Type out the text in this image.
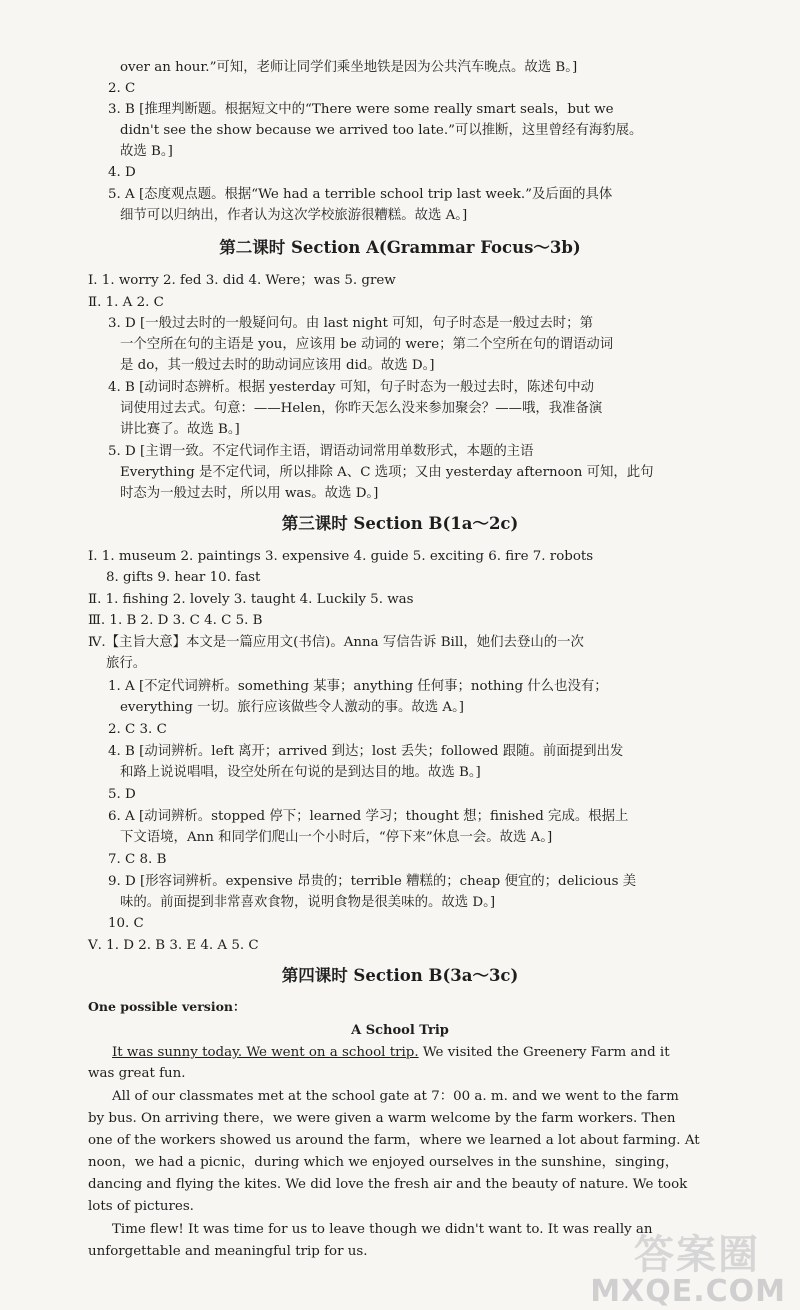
over an hour.”可知，老师让同学们乘坐地铁是因为公共汽车晚点。故选 B。]
2. C
3. B [推理判断题。根据短文中的“There were some really smart seals，but we
didn't see the show because we arrived too late.”可以推断，这里曾经有海豹展。
故选 B。]
4. D
5. A [态度观点题。根据“We had a terrible school trip last week.”及后面的具体
细节可以归纳出，作者认为这次学校旅游很糟糕。故选 A。]
第二课时 Section A(Grammar Focus～3b)
Ⅰ. 1. worry 2. fed 3. did 4. Were；was 5. grew
Ⅱ. 1. A 2. C
3. D [一般过去时的一般疑问句。由 last night 可知，句子时态是一般过去时；第
一个空所在句的主语是 you，应该用 be 动词的 were；第二个空所在句的谓语动词
是 do，其一般过去时的助动词应该用 did。故选 D。]
4. B [动词时态辨析。根据 yesterday 可知，句子时态为一般过去时，陈述句中动
词使用过去式。句意：——Helen，你昨天怎么没来参加聚会？——哦，我准备演
讲比赛了。故选 B。]
5. D [主谓一致。不定代词作主语，谓语动词常用单数形式，本题的主语
Everything 是不定代词，所以排除 A、C 选项；又由 yesterday afternoon 可知，此句
时态为一般过去时，所以用 was。故选 D。]
第三课时 Section B(1a～2c)
Ⅰ. 1. museum 2. paintings 3. expensive 4. guide 5. exciting 6. fire 7. robots
8. gifts 9. hear 10. fast
Ⅱ. 1. fishing 2. lovely 3. taught 4. Luckily 5. was
Ⅲ. 1. B 2. D 3. C 4. C 5. B
Ⅳ.【主旨大意】本文是一篇应用文(书信)。Anna 写信告诉 Bill，她们去登山的一次
旅行。
1. A [不定代词辨析。something 某事；anything 任何事；nothing 什么也没有；
everything 一切。旅行应该做些令人激动的事。故选 A。]
2. C 3. C
4. B [动词辨析。left 离开；arrived 到达；lost 丢失；followed 跟随。前面提到出发
和路上说说唱唱，设空处所在句说的是到达目的地。故选 B。]
5. D
6. A [动词辨析。stopped 停下；learned 学习；thought 想；finished 完成。根据上
下文语境，Ann 和同学们爬山一个小时后，“停下来”休息一会。故选 A。]
7. C 8. B
9. D [形容词辨析。expensive 昂贵的；terrible 糟糕的；cheap 便宜的；delicious 美
味的。前面提到非常喜欢食物，说明食物是很美味的。故选 D。]
10. C
Ⅴ. 1. D 2. B 3. E 4. A 5. C
第四课时 Section B(3a～3c)
One possible version：
A School Trip
It was sunny today. We went on a school trip. We visited the Greenery Farm and it
was great fun.
All of our classmates met at the school gate at 7：00 a. m. and we went to the farm
by bus. On arriving there，we were given a warm welcome by the farm workers. Then
one of the workers showed us around the farm，where we learned a lot about farming. At
noon，we had a picnic，during which we enjoyed ourselves in the sunshine，singing，
dancing and flying the kites. We did love the fresh air and the beauty of nature. We took
lots of pictures.
Time flew! It was time for us to leave though we didn't want to. It was really an
unforgettable and meaningful trip for us.	答案圈
MXQE.COM
